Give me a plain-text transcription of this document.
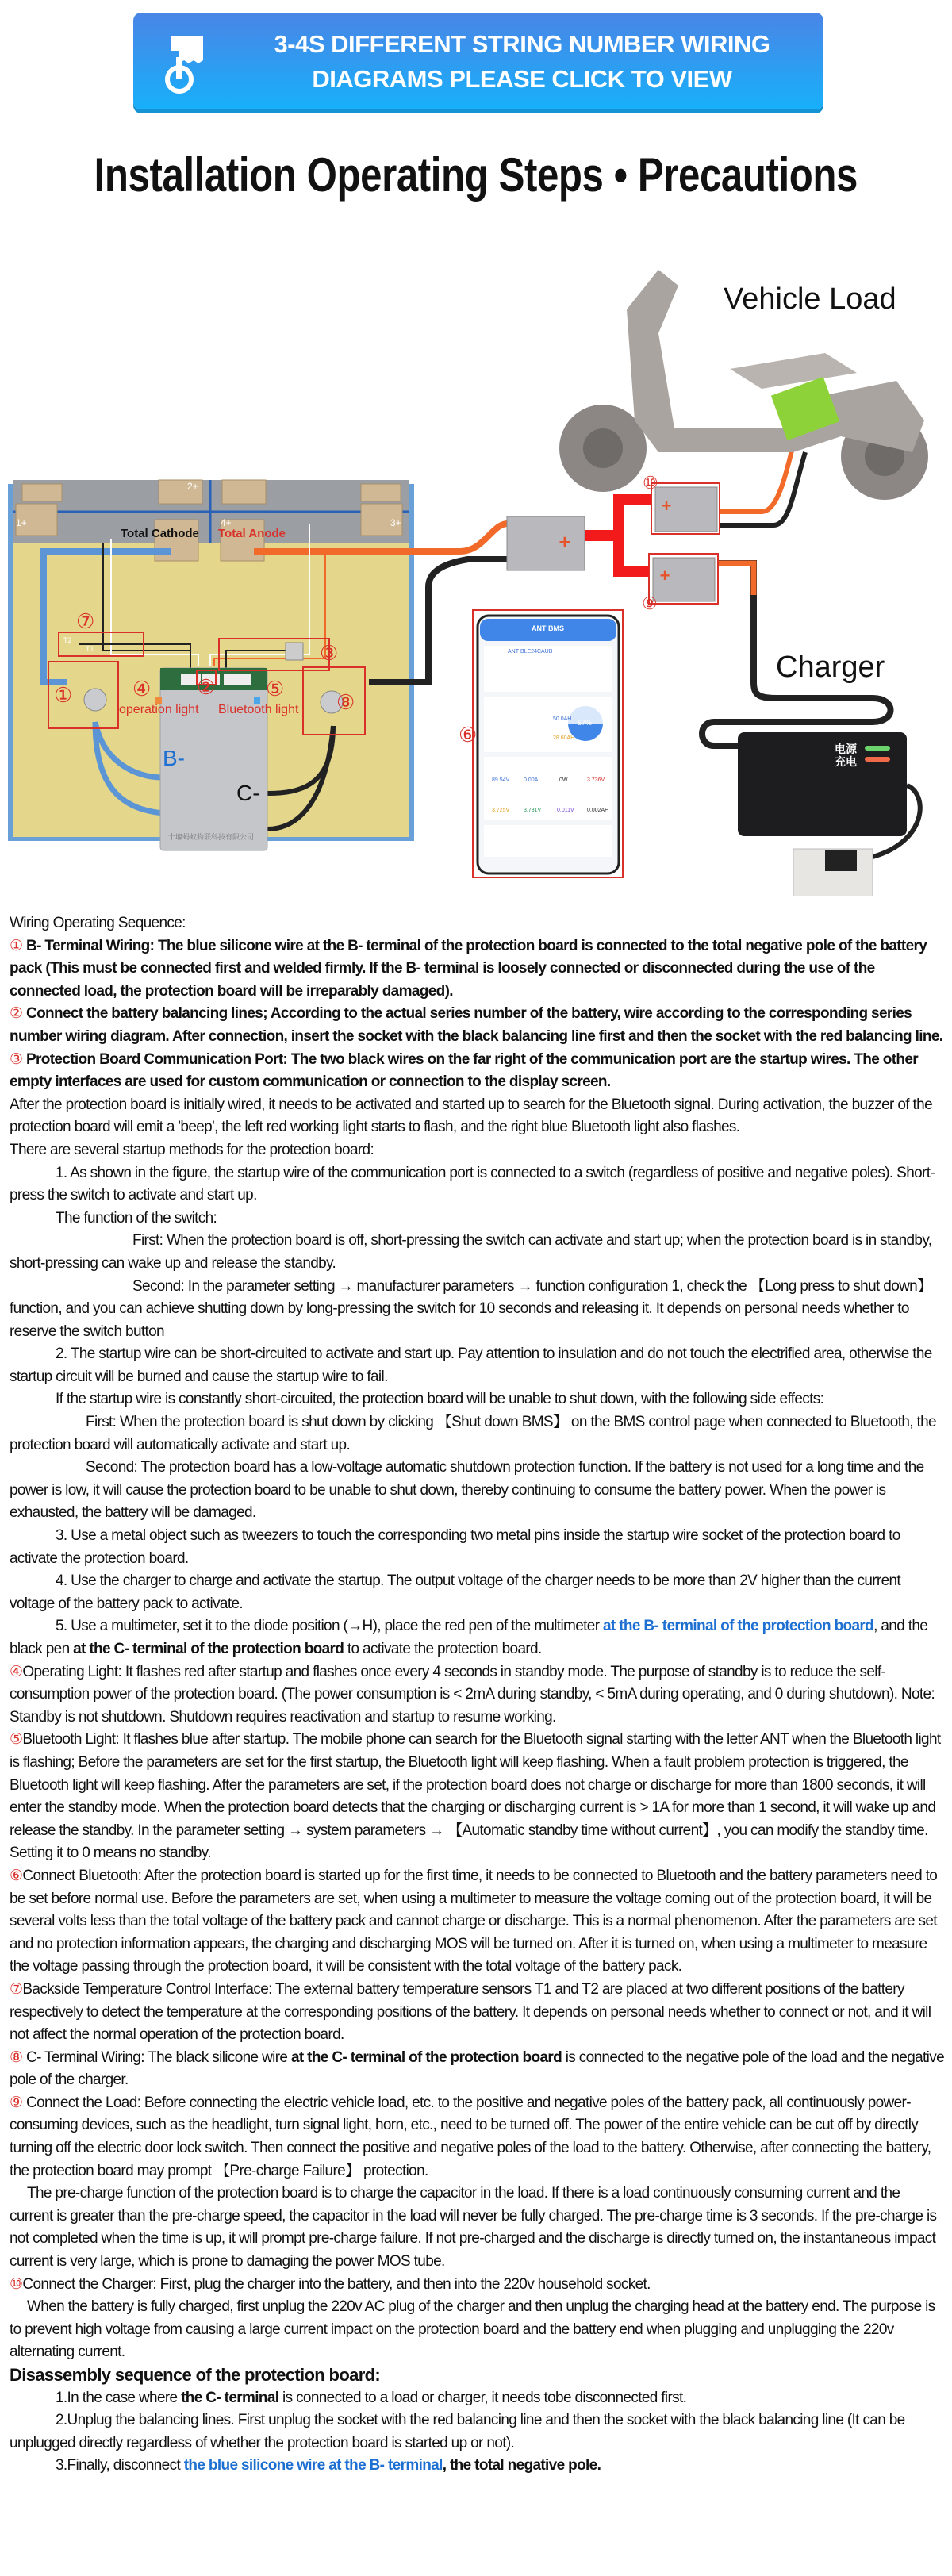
3-4S DIFFERENT STRING NUMBER WIRING
DIAGRAMS PLEASE CLICK TO VIEW
Installation Operating Steps • Precautions
+
+
+
Total Cathode Total Anode
1+
2+
3+
4+
T2
T1
①	②
③
④	⑤
⑥
⑦
⑧
⑨
⑩
operation light Bluetooth light
B-
C-
十堰蚂蚁物联科技有限公司
Vehicle Load
Charger
电源
充电
ANT BMS
ANT-BLE24CAUB
57%
50.0AH
28.60AH
89.54V	0.00A	0W	3.736V
3.725V	3.731V	0.011V 0.002AH

Wiring Operating Sequence:

① B- Terminal Wiring: The blue silicone wire at the B- terminal of the protection board is connected to the total negative pole of the battery pack (This must be connected first and welded firmly. If the B- terminal is loosely connected or disconnected during the use of the connected load, the protection board will be irreparably damaged).

② Connect the battery balancing lines; According to the actual series number of the battery, wire according to the corresponding series number wiring diagram. After connection, insert the socket with the black balancing line first and then the socket with the red balancing line.

③ Protection Board Communication Port: The two black wires on the far right of the communication port are the startup wires. The other empty interfaces are used for custom communication or connection to the display screen.

After the protection board is initially wired, it needs to be activated and started up to search for the Bluetooth signal. During activation, the buzzer of the protection board will emit a 'beep', the left red working light starts to flash, and the right blue Bluetooth light also flashes.

There are several startup methods for the protection board:

1. As shown in the figure, the startup wire of the communication port is connected to a switch (regardless of positive and negative poles). Short-press the switch to activate and start up.

The function of the switch:

First: When the protection board is off, short-pressing the switch can activate and start up; when the protection board is in standby, short-pressing can wake up and release the standby.

Second: In the parameter setting → manufacturer parameters → function configuration 1, check the 【Long press to shut down】 function, and you can achieve shutting down by long-pressing the switch for 10 seconds and releasing it. It depends on personal needs whether to reserve the switch button

2. The startup wire can be short-circuited to activate and start up. Pay attention to insulation and do not touch the electrified area, otherwise the startup circuit will be burned and cause the startup wire to fail.

If the startup wire is constantly short-circuited, the protection board will be unable to shut down, with the following side effects:

First: When the protection board is shut down by clicking 【Shut down BMS】 on the BMS control page when connected to Bluetooth, the protection board will automatically activate and start up.

Second: The protection board has a low-voltage automatic shutdown protection function. If the battery is not used for a long time and the power is low, it will cause the protection board to be unable to shut down, thereby continuing to consume the battery power. When the power is exhausted, the battery will be damaged.

3. Use a metal object such as tweezers to touch the corresponding two metal pins inside the startup wire socket of the protection board to activate the protection board.

4. Use the charger to charge and activate the startup. The output voltage of the charger needs to be more than 2V higher than the current voltage of the battery pack to activate.

5. Use a multimeter, set it to the diode position (→H), place the red pen of the multimeter at the B- terminal of the protection board, and the black pen at the C- terminal of the protection board to activate the protection board.

④Operating Light: It flashes red after startup and flashes once every 4 seconds in standby mode. The purpose of standby is to reduce the self-consumption power of the protection board. (The power consumption is < 2mA during standby, < 5mA during operating, and 0 during shutdown). Note: Standby is not shutdown. Shutdown requires reactivation and startup to resume working.

⑤Bluetooth Light: It flashes blue after startup. The mobile phone can search for the Bluetooth signal starting with the letter ANT when the Bluetooth light is flashing; Before the parameters are set for the first startup, the Bluetooth light will keep flashing. When a fault problem protection is triggered, the Bluetooth light will keep flashing. After the parameters are set, if the protection board does not charge or discharge for more than 1800 seconds, it will enter the standby mode. When the protection board detects that the charging or discharging current is > 1A for more than 1 second, it will wake up and release the standby. In the parameter setting → system parameters → 【Automatic standby time without current】, you can modify the standby time. Setting it to 0 means no standby.

⑥Connect Bluetooth: After the protection board is started up for the first time, it needs to be connected to Bluetooth and the battery parameters need to be set before normal use. Before the parameters are set, when using a multimeter to measure the voltage coming out of the protection board, it will be several volts less than the total voltage of the battery pack and cannot charge or discharge. This is a normal phenomenon. After the parameters are set and no protection information appears, the charging and discharging MOS will be turned on. After it is turned on, when using a multimeter to measure the voltage passing through the protection board, it will be consistent with the total voltage of the battery pack.

⑦Backside Temperature Control Interface: The external battery temperature sensors T1 and T2 are placed at two different positions of the battery respectively to detect the temperature at the corresponding positions of the battery. It depends on personal needs whether to connect or not, and it will not affect the normal operation of the protection board.

⑧ C- Terminal Wiring: The black silicone wire at the C- terminal of the protection board is connected to the negative pole of the load and the negative pole of the charger.

⑨ Connect the Load: Before connecting the electric vehicle load, etc. to the positive and negative poles of the battery pack, all continuously power-consuming devices, such as the headlight, turn signal light, horn, etc., need to be turned off. The power of the entire vehicle can be cut off by directly turning off the electric door lock switch. Then connect the positive and negative poles of the load to the battery. Otherwise, after connecting the battery, the protection board may prompt 【Pre-charge Failure】 protection.

The pre-charge function of the protection board is to charge the capacitor in the load. If there is a load continuously consuming current and the current is greater than the pre-charge speed, the capacitor in the load will never be fully charged. The pre-charge time is 3 seconds. If the pre-charge is not completed when the time is up, it will prompt pre-charge failure. If not pre-charged and the discharge is directly turned on, the instantaneous impact current is very large, which is prone to damaging the power MOS tube.

⑩Connect the Charger: First, plug the charger into the battery, and then into the 220v household socket.

When the battery is fully charged, first unplug the 220v AC plug of the charger and then unplug the charging head at the battery end. The purpose is to prevent high voltage from causing a large current impact on the protection board and the battery end when plugging and unplugging the 220v alternating current.

Disassembly sequence of the protection board:

1.In the case where the C- terminal is connected to a load or charger, it needs tobe disconnected first.

2.Unplug the balancing lines. First unplug the socket with the red balancing line and then the socket with the black balancing line (It can be unplugged directly regardless of whether the protection board is started up or not).

3.Finally, disconnect the blue silicone wire at the B- terminal, the total negative pole.
